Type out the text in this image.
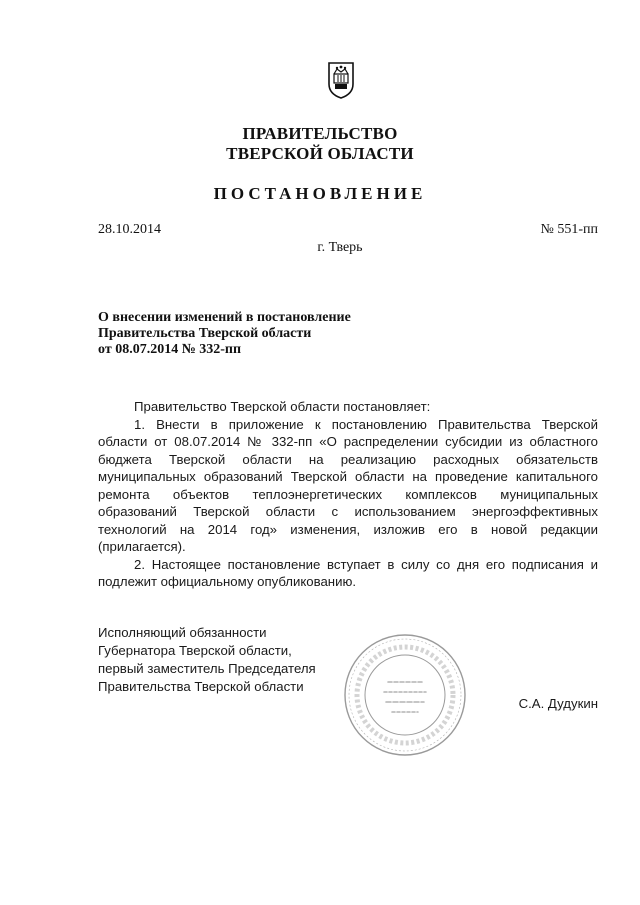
ПРАВИТЕЛЬСТВО
ТВЕРСКОЙ ОБЛАСТИ
ПОСТАНОВЛЕНИЕ
28.10.2014	№ 551-пп
г. Тверь
О внесении изменений в постановление
Правительства Тверской области
от 08.07.2014 № 332-пп

Правительство Тверской области постановляет:

1. Внести в приложение к постановлению Правительства Тверской области от 08.07.2014 № 332-пп «О распределении субсидии из областного бюджета Тверской области на реализацию расходных обязательств муниципальных образований Тверской области на проведение капитального ремонта объектов теплоэнергетических комплексов муниципальных образований Тверской области с использованием энергоэффективных технологий на 2014 год» изменения, изложив его в новой редакции (прилагается).

2. Настоящее постановление вступает в силу со дня его подписания и подлежит официальному опубликованию.

Исполняющий обязанности
Губернатора Тверской области,
первый заместитель Председателя
Правительства Тверской области
С.А. Дудукин
